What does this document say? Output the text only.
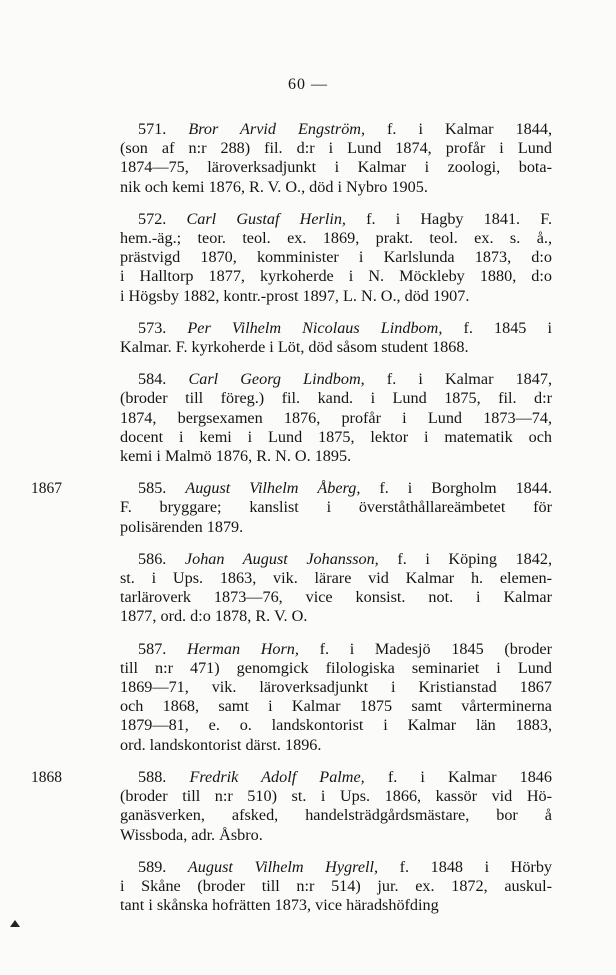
60 —
571. Bror Arvid Engström, f. i Kalmar 1844,
(son af n:r 288) fil. d:r i Lund 1874, profår i Lund
1874—75, läroverksadjunkt i Kalmar i zoologi, bota-
nik och kemi 1876, R. V. O., död i Nybro 1905.
572. Carl Gustaf Herlin, f. i Hagby 1841. F.
hem.-äg.; teor. teol. ex. 1869, prakt. teol. ex. s. å.,
prästvigd 1870, komminister i Karlslunda 1873, d:o
i Halltorp 1877, kyrkoherde i N. Möckleby 1880, d:o
i Högsby 1882, kontr.-prost 1897, L. N. O., död 1907.
573. Per Vilhelm Nicolaus Lindbom, f. 1845 i
Kalmar. F. kyrkoherde i Löt, död såsom student 1868.
584. Carl Georg Lindbom, f. i Kalmar 1847,
(broder till föreg.) fil. kand. i Lund 1875, fil. d:r
1874, bergsexamen 1876, profår i Lund 1873—74,
docent i kemi i Lund 1875, lektor i matematik och
kemi i Malmö 1876, R. N. O. 1895.
1867	585. August Vilhelm Åberg, f. i Borgholm 1844.
F. bryggare; kanslist i överståthållareämbetet för
polisärenden 1879.
586. Johan August Johansson, f. i Köping 1842,
st. i Ups. 1863, vik. lärare vid Kalmar h. elemen-
tarläroverk 1873—76, vice konsist. not. i Kalmar
1877, ord. d:o 1878, R. V. O.
587. Herman Horn, f. i Madesjö 1845 (broder
till n:r 471) genomgick filologiska seminariet i Lund
1869—71, vik. läroverksadjunkt i Kristianstad 1867
och 1868, samt i Kalmar 1875 samt vårterminerna
1879—81, e. o. landskontorist i Kalmar län 1883,
ord. landskontorist därst. 1896.
1868	588. Fredrik Adolf Palme, f. i Kalmar 1846
(broder till n:r 510) st. i Ups. 1866, kassör vid Hö-
ganäsverken, afsked, handelsträdgårdsmästare, bor å
Wissboda, adr. Åsbro.
589. August Vilhelm Hygrell, f. 1848 i Hörby
i Skåne (broder till n:r 514) jur. ex. 1872, auskul-
tant i skånska hofrätten 1873, vice häradshöfding
